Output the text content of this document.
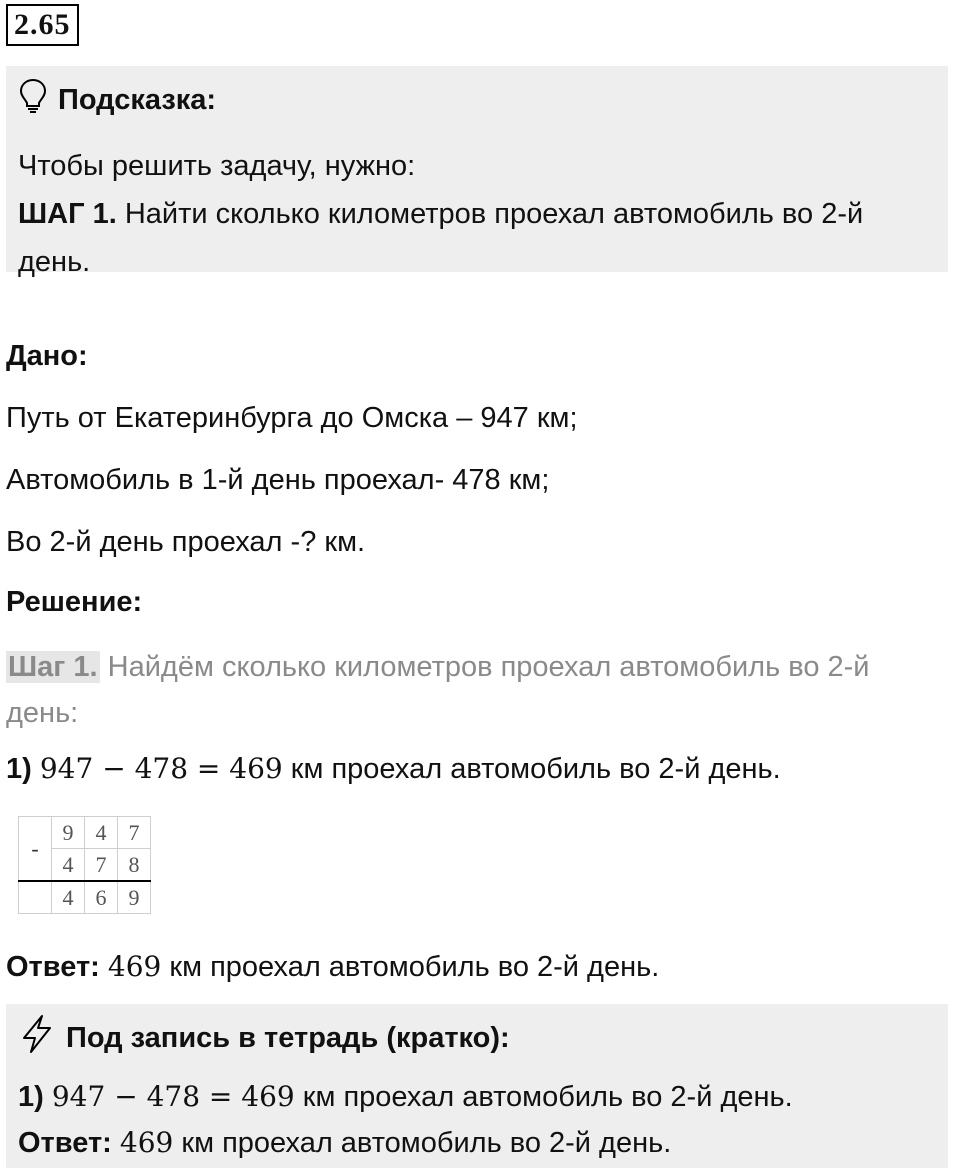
2.65
Подсказка:
Чтобы решить задачу, нужно:
ШАГ 1. Найти сколько километров проехал автомобиль во 2-й день.
Дано:
Путь от Екатеринбурга до Омска – 947 км;
Автомобиль в 1-й день проехал- 478 км;
Во 2-й день проехал -? км.
Решение:
Шаг 1. Найдём сколько километров проехал автомобиль во 2-й день:
1) 947 − 478 = 469 км проехал автомобиль во 2-й день.
-	9	4	7
	4	7	8
	4	6	9
Ответ: 469 км проехал автомобиль во 2-й день.
Под запись в тетрадь (кратко):
1) 947 − 478 = 469 км проехал автомобиль во 2-й день.
Ответ: 469 км проехал автомобиль во 2-й день.
